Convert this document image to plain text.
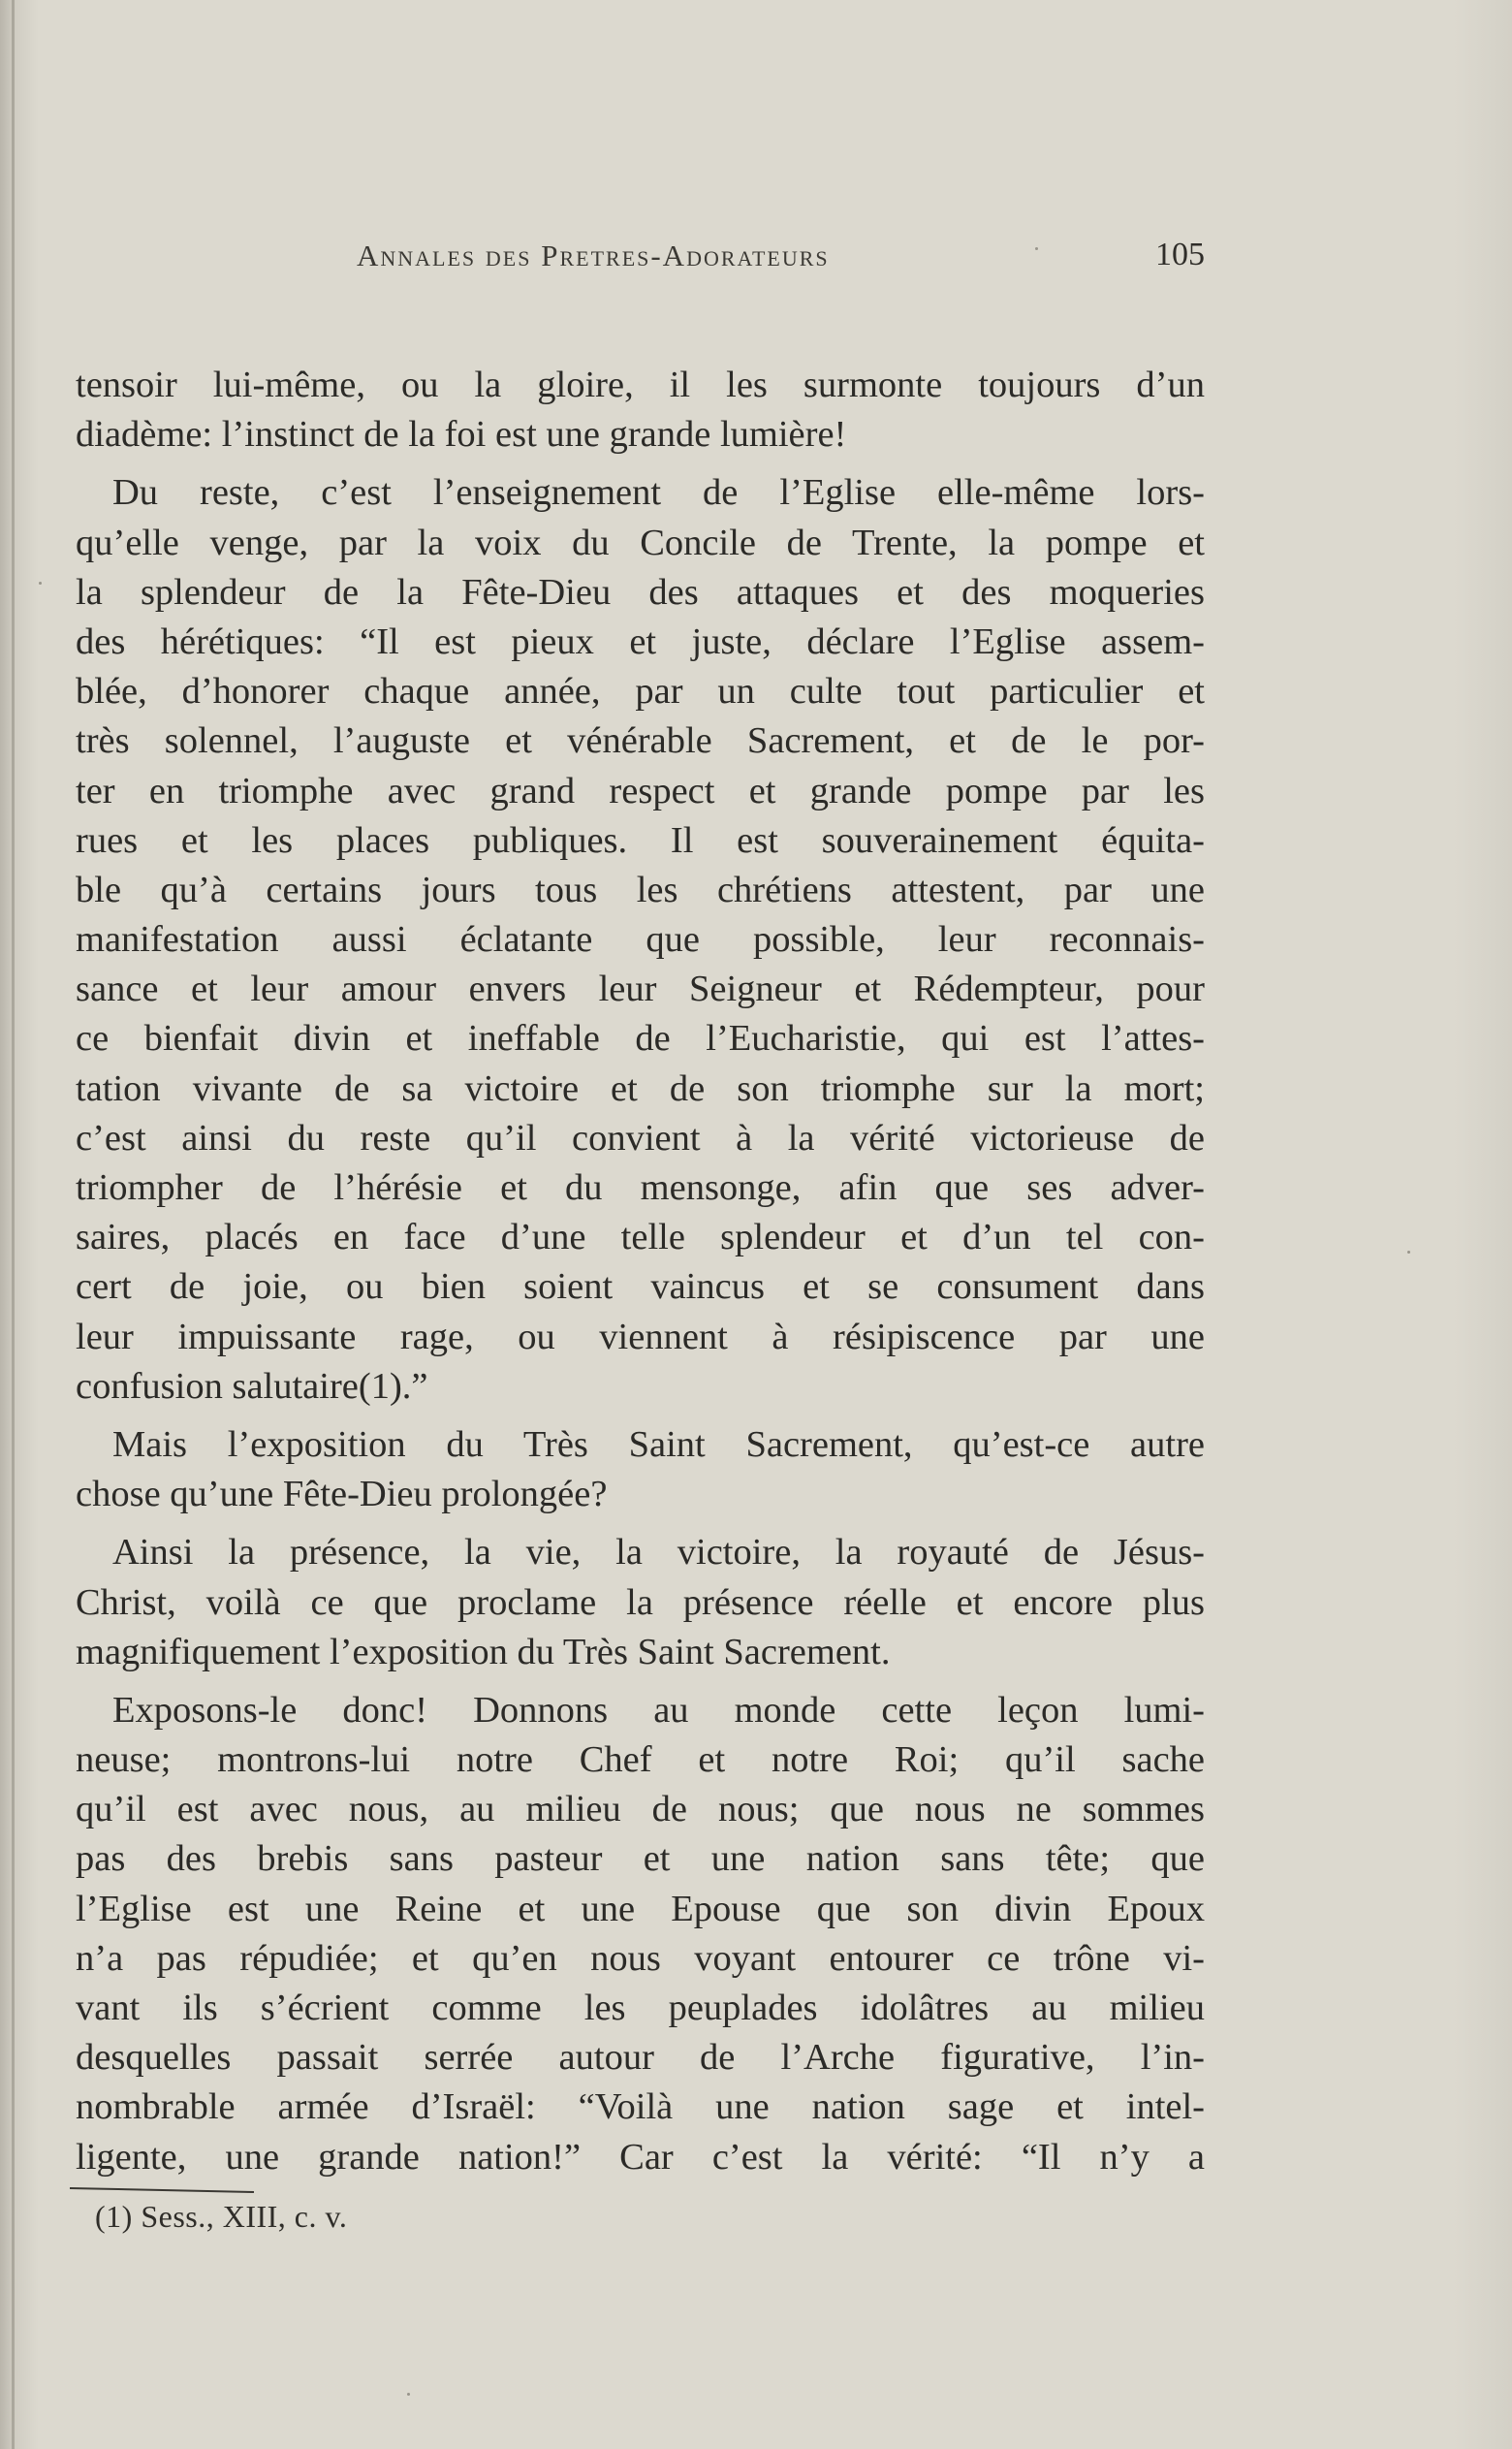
Annales des Pretres-Adorateurs	105
tensoir lui-même, ou la gloire, il les surmonte toujours d’un
diadème: l’instinct de la foi est une grande lumière!
Du reste, c’est l’enseignement de l’Eglise elle-même lors-
qu’elle venge, par la voix du Concile de Trente, la pompe et
la splendeur de la Fête-Dieu des attaques et des moqueries
des hérétiques: “Il est pieux et juste, déclare l’Eglise assem-
blée, d’honorer chaque année, par un culte tout particulier et
très solennel, l’auguste et vénérable Sacrement, et de le por-
ter en triomphe avec grand respect et grande pompe par les
rues et les places publiques. Il est souverainement équita-
ble qu’à certains jours tous les chrétiens attestent, par une
manifestation aussi éclatante que possible, leur reconnais-
sance et leur amour envers leur Seigneur et Rédempteur, pour
ce bienfait divin et ineffable de l’Eucharistie, qui est l’attes-
tation vivante de sa victoire et de son triomphe sur la mort;
c’est ainsi du reste qu’il convient à la vérité victorieuse de
triompher de l’hérésie et du mensonge, afin que ses adver-
saires, placés en face d’une telle splendeur et d’un tel con-
cert de joie, ou bien soient vaincus et se consument dans
leur impuissante rage, ou viennent à résipiscence par une
confusion salutaire(1).”
Mais l’exposition du Très Saint Sacrement, qu’est-ce autre
chose qu’une Fête-Dieu prolongée?
Ainsi la présence, la vie, la victoire, la royauté de Jésus-
Christ, voilà ce que proclame la présence réelle et encore plus
magnifiquement l’exposition du Très Saint Sacrement.
Exposons-le donc! Donnons au monde cette leçon lumi-
neuse; montrons-lui notre Chef et notre Roi; qu’il sache
qu’il est avec nous, au milieu de nous; que nous ne sommes
pas des brebis sans pasteur et une nation sans tête; que
l’Eglise est une Reine et une Epouse que son divin Epoux
n’a pas répudiée; et qu’en nous voyant entourer ce trône vi-
vant ils s’écrient comme les peuplades idolâtres au milieu
desquelles passait serrée autour de l’Arche figurative, l’in-
nombrable armée d’Israël: “Voilà une nation sage et intel-
ligente, une grande nation!” Car c’est la vérité: “Il n’y a
(1) Sess., XIII, c. v.
